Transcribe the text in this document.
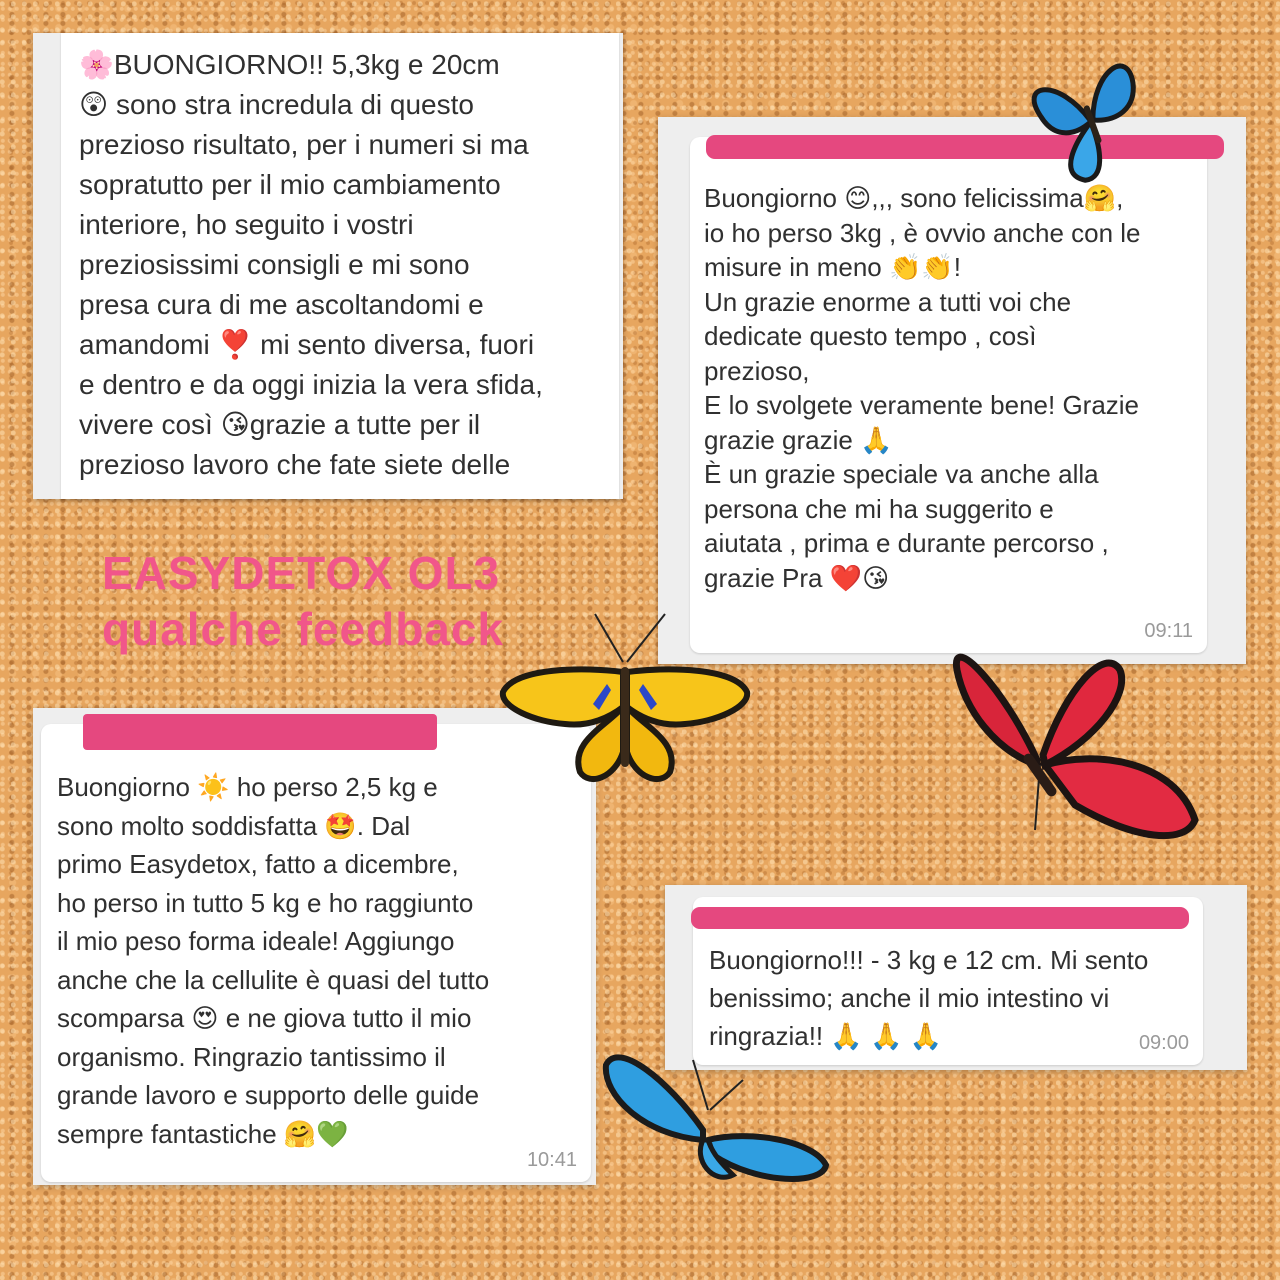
🌸BUONGIORNO!! 5,3kg e 20cm
😲 sono stra incredula di questo
prezioso risultato, per i numeri si ma
sopratutto per il mio cambiamento
interiore, ho seguito i vostri
preziosissimi consigli e mi sono
presa cura di me ascoltandomi e
amandomi ❣️ mi sento diversa, fuori
e dentro e da oggi inizia la vera sfida,
vivere così 😘grazie a tutte per il
prezioso lavoro che fate siete delle

Buongiorno 😊,,, sono felicissima🤗,
io ho perso 3kg , è ovvio anche con le
misure in meno 👏👏!
Un grazie enorme a tutti voi che
dedicate questo tempo , così
prezioso,
E lo svolgete veramente bene! Grazie
grazie grazie 🙏
È un grazie speciale va anche alla
persona che mi ha suggerito e
aiutata , prima e durante percorso ,
grazie Pra ❤️😘

09:11

Buongiorno ☀️ ho perso 2,5 kg e
sono molto soddisfatta 🤩. Dal
primo Easydetox, fatto a dicembre,
ho perso in tutto 5 kg e ho raggiunto
il mio peso forma ideale! Aggiungo
anche che la cellulite è quasi del tutto
scomparsa 😍 e ne giova tutto il mio
organismo. Ringrazio tantissimo il
grande lavoro e supporto delle guide
sempre fantastiche 🤗💚

10:41

Buongiorno!!! - 3 kg e 12 cm. Mi sento
benissimo; anche il mio intestino vi
ringrazia!! 🙏 🙏 🙏	09:00

EASYDETOX OL3

qualche feedback
